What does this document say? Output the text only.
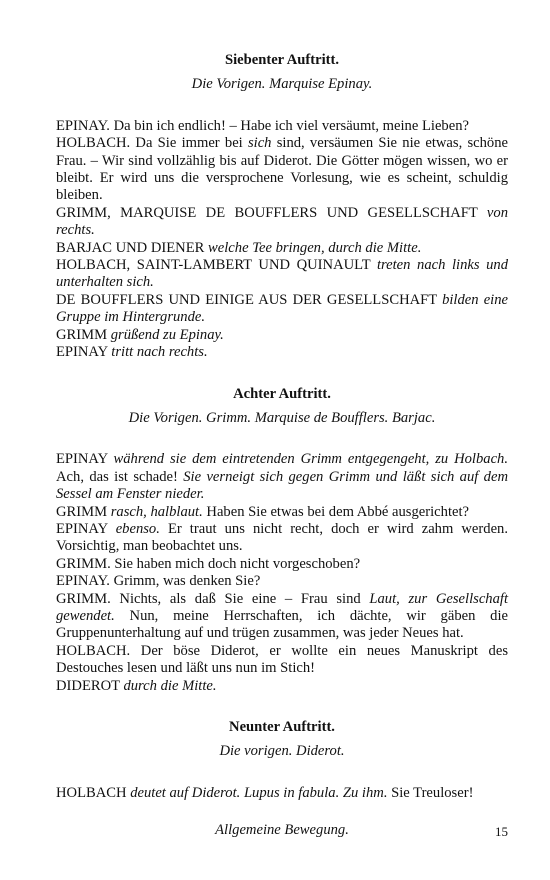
Siebenter Auftritt.
Die Vorigen. Marquise Epinay.

EPINAY. Da bin ich endlich! – Habe ich viel versäumt, meine Lieben?

HOLBACH. Da Sie immer bei sich sind, versäumen Sie nie etwas, schöne Frau. – Wir sind vollzählig bis auf Diderot. Die Götter mögen wissen, wo er bleibt. Er wird uns die versprochene Vorlesung, wie es scheint, schuldig bleiben.

GRIMM, MARQUISE DE BOUFFLERS UND GESELLSCHAFT von rechts.

BARJAC UND DIENER welche Tee bringen, durch die Mitte.

HOLBACH, SAINT-LAMBERT UND QUINAULT treten nach links und unterhalten sich.

DE BOUFFLERS UND EINIGE AUS DER GESELLSCHAFT bilden eine Gruppe im Hintergrunde.

GRIMM grüßend zu Epinay.

EPINAY tritt nach rechts.

Achter Auftritt.
Die Vorigen. Grimm. Marquise de Boufflers. Barjac.

EPINAY während sie dem eintretenden Grimm entgegengeht, zu Holbach. Ach, das ist schade! Sie verneigt sich gegen Grimm und läßt sich auf dem Sessel am Fenster nieder.

GRIMM rasch, halblaut. Haben Sie etwas bei dem Abbé ausgerichtet?

EPINAY ebenso. Er traut uns nicht recht, doch er wird zahm werden. Vorsichtig, man beobachtet uns.

GRIMM. Sie haben mich doch nicht vorgeschoben?

EPINAY. Grimm, was denken Sie?

GRIMM. Nichts, als daß Sie eine – Frau sind Laut, zur Gesellschaft gewendet. Nun, meine Herrschaften, ich dächte, wir gäben die Gruppenunterhaltung auf und trügen zusammen, was jeder Neues hat.

HOLBACH. Der böse Diderot, er wollte ein neues Manuskript des Destouches lesen und läßt uns nun im Stich!

DIDEROT durch die Mitte.

Neunter Auftritt.
Die vorigen. Diderot.

HOLBACH deutet auf Diderot. Lupus in fabula. Zu ihm. Sie Treuloser!

Allgemeine Bewegung.	15
